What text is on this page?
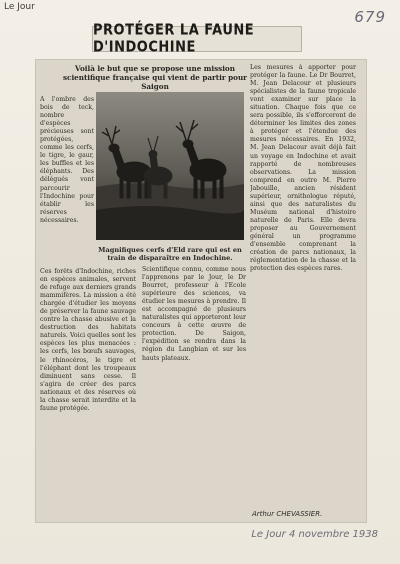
Le Jour
679
PROTÉGER LA FAUNE D'INDOCHINE
Voilà le but que se propose une mission scientifique française qui vient de partir pour Saigon
A l'ombre des bois de teck, nombre d'espèces précieuses sont protégées, comme les cerfs, le tigre, le gaur, les buffles et les éléphants. Des délégués vont parcourir l'Indochine pour établir les réserves nécessaires.
Magnifiques cerfs d'Eld rare qui est en train de disparaître en Indochine.
Ces forêts d'Indochine, riches en espèces animales, servent de refuge aux derniers grands mammifères. La mission a été chargée d'étudier les moyens de préserver la faune sauvage contre la chasse abusive et la destruction des habitats naturels. Voici quelles sont les espèces les plus menacées : les cerfs, les bœufs sauvages, le rhinocéros, le tigre et l'éléphant dont les troupeaux diminuent sans cesse. Il s'agira de créer des parcs nationaux et des réserves où la chasse serait interdite et la faune protégée.
Scientifique connu, comme nous l'apprenons par le Jour, le Dr Bourret, professeur à l'Ecole supérieure des sciences, va étudier les mesures à prendre. Il est accompagné de plusieurs naturalistes qui apporteront leur concours à cette œuvre de protection. De Saigon, l'expédition se rendra dans la région du Langbian et sur les hauts plateaux.
Les mesures à apporter pour protéger la faune. Le Dr Bourret, M. Jean Delacour et plusieurs spécialistes de la faune tropicale vont examiner sur place la situation. Chaque fois que ce sera possible, ils s'efforceront de déterminer les limites des zones à protéger et l'étendue des mesures nécessaires. En 1932, M. Jean Delacour avait déjà fait un voyage en Indochine et avait rapporté de nombreuses observations. La mission comprend en outre M. Pierre Jabouille, ancien résident supérieur, ornithologue réputé, ainsi que des naturalistes du Muséum national d'histoire naturelle de Paris. Elle devra proposer au Gouvernement général un programme d'ensemble comprenant la création de parcs nationaux, la réglementation de la chasse et la protection des espèces rares.
Arthur CHEVASSIER.
Le Jour 4 novembre 1938
